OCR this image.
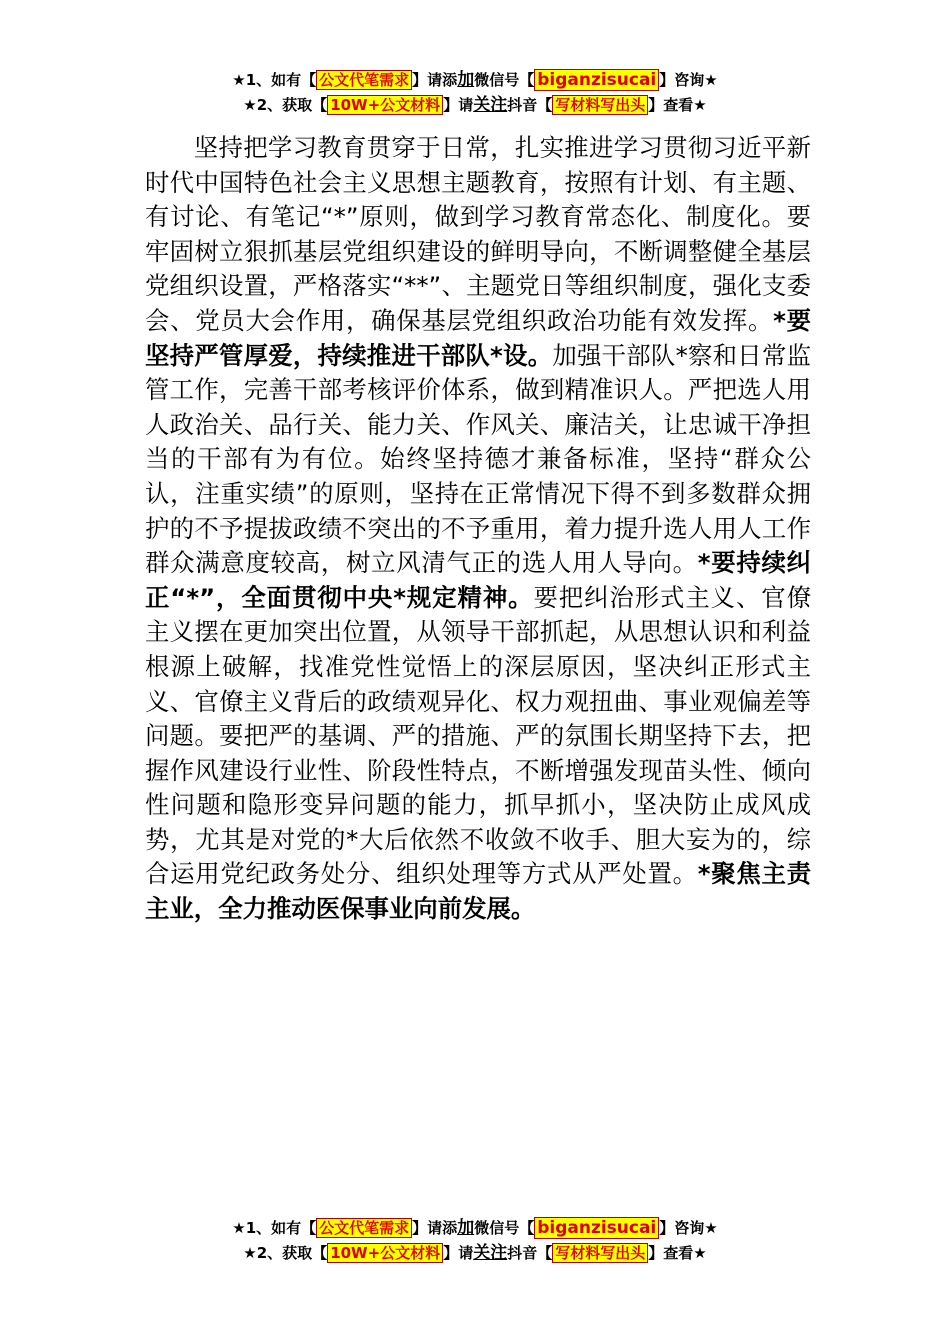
★1、如有【 公文代笔需求 】请添加微信号【 biganzisucai 】咨询★
★2、获取【 10W+公文材料 】请关注抖音【 写材料写出头 】查看★
坚持把学习教育贯穿于日常，扎实推进学习贯彻习近平新时代中国特色社会主义思想主题教育，按照有计划、有主题、有讨论、有笔记“*”原则，做到学习教育常态化、制度化。要牢固树立狠抓基层党组织建设的鲜明导向，不断调整健全基层党组织设置，严格落实“**”、主题党日等组织制度，强化支委会、党员大会作用，确保基层党组织政治功能有效发挥。*要坚持严管厚爱，持续推进干部队*设。加强干部队*察和日常监管工作，完善干部考核评价体系，做到精准识人。严把选人用人政治关、品行关、能力关、作风关、廉洁关，让忠诚干净担当的干部有为有位。始终坚持德才兼备标准，坚持“群众公认，注重实绩”的原则，坚持在正常情况下得不到多数群众拥护的不予提拔政绩不突出的不予重用，着力提升选人用人工作群众满意度较高，树立风清气正的选人用人导向。*要持续纠正“*”，全面贯彻中央*规定精神。要把纠治形式主义、官僚主义摆在更加突出位置，从领导干部抓起，从思想认识和利益根源上破解，找准党性觉悟上的深层原因，坚决纠正形式主义、官僚主义背后的政绩观异化、权力观扭曲、事业观偏差等问题。要把严的基调、严的措施、严的氛围长期坚持下去，把握作风建设行业性、阶段性特点，不断增强发现苗头性、倾向性问题和隐形变异问题的能力，抓早抓小，坚决防止成风成势，尤其是对党的*大后依然不收敛不收手、胆大妄为的，综合运用党纪政务处分、组织处理等方式从严处置。*聚焦主责主业，全力推动医保事业向前发展。
★1、如有【 公文代笔需求 】请添加微信号【 biganzisucai 】咨询★
★2、获取【 10W+公文材料 】请关注抖音【 写材料写出头 】查看★
